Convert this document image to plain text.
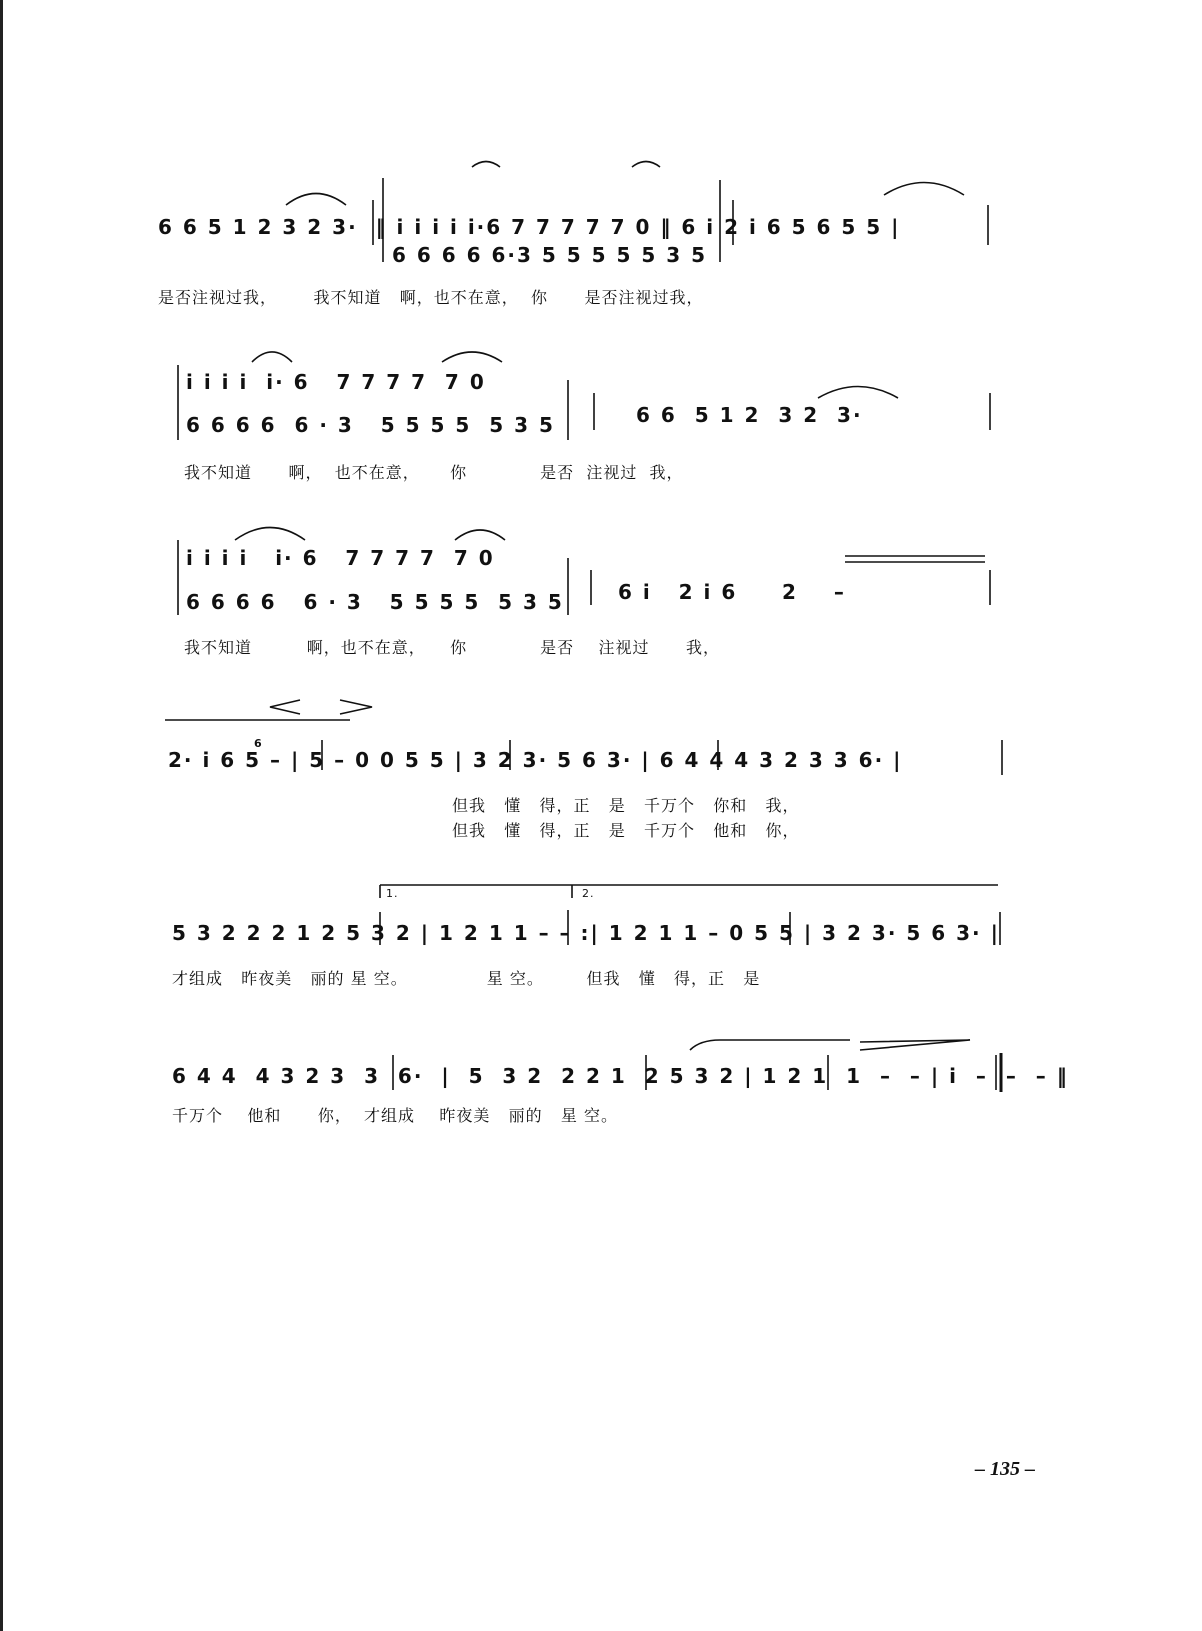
6 6 5 1 2 3 2 3·  ‖ i i i i i·6 7 7 7 7 7 0 ‖ 6 i 2 i 6 5 6 5 5 |
6 6 6 6 6·3 5 5 5 5 5 3 5
是否注视过我，      我不知道   啊，也不在意，  你      是否注视过我，
i i i i  i· 6   7 7 7 7  7 0
6 6 6 6  6 · 3   5 5 5 5  5 3 5	6 6  5 1 2  3 2  3·
我不知道      啊，  也不在意，     你            是否  注视过  我，
i i i i   i· 6   7 7 7 7  7 0
6 6 6 6   6 · 3   5 5 5 5  5 3 5	6 i   2 i 6     2    –
我不知道         啊，也不在意，    你            是否    注视过      我，
2· i 6 5 – | 5 – 0 0 5 5 | 3 2 3· 5 6 3· | 6 4 4 4 3 2 3 3 6· |
6
但我   懂   得，正   是   千万个   你和   我，
但我   懂   得，正   是   千万个   他和   你，
5 3 2 2 2 1 2 5 3 2 | 1 2 1 1 – – :| 1 2 1 1 – 0 5 5 | 3 2 3· 5 6 3· |
才组成   昨夜美   丽的 星 空。             星 空。       但我   懂   得，正   是
1.	2.
6 4 4  4 3 2 3  3  6·  |  5  3 2  2 2 1  2 5 3 2 | 1 2 1  1  –  – | i  –  –  – ‖
千万个    他和      你，  才组成    昨夜美   丽的   星 空。
– 135 –
